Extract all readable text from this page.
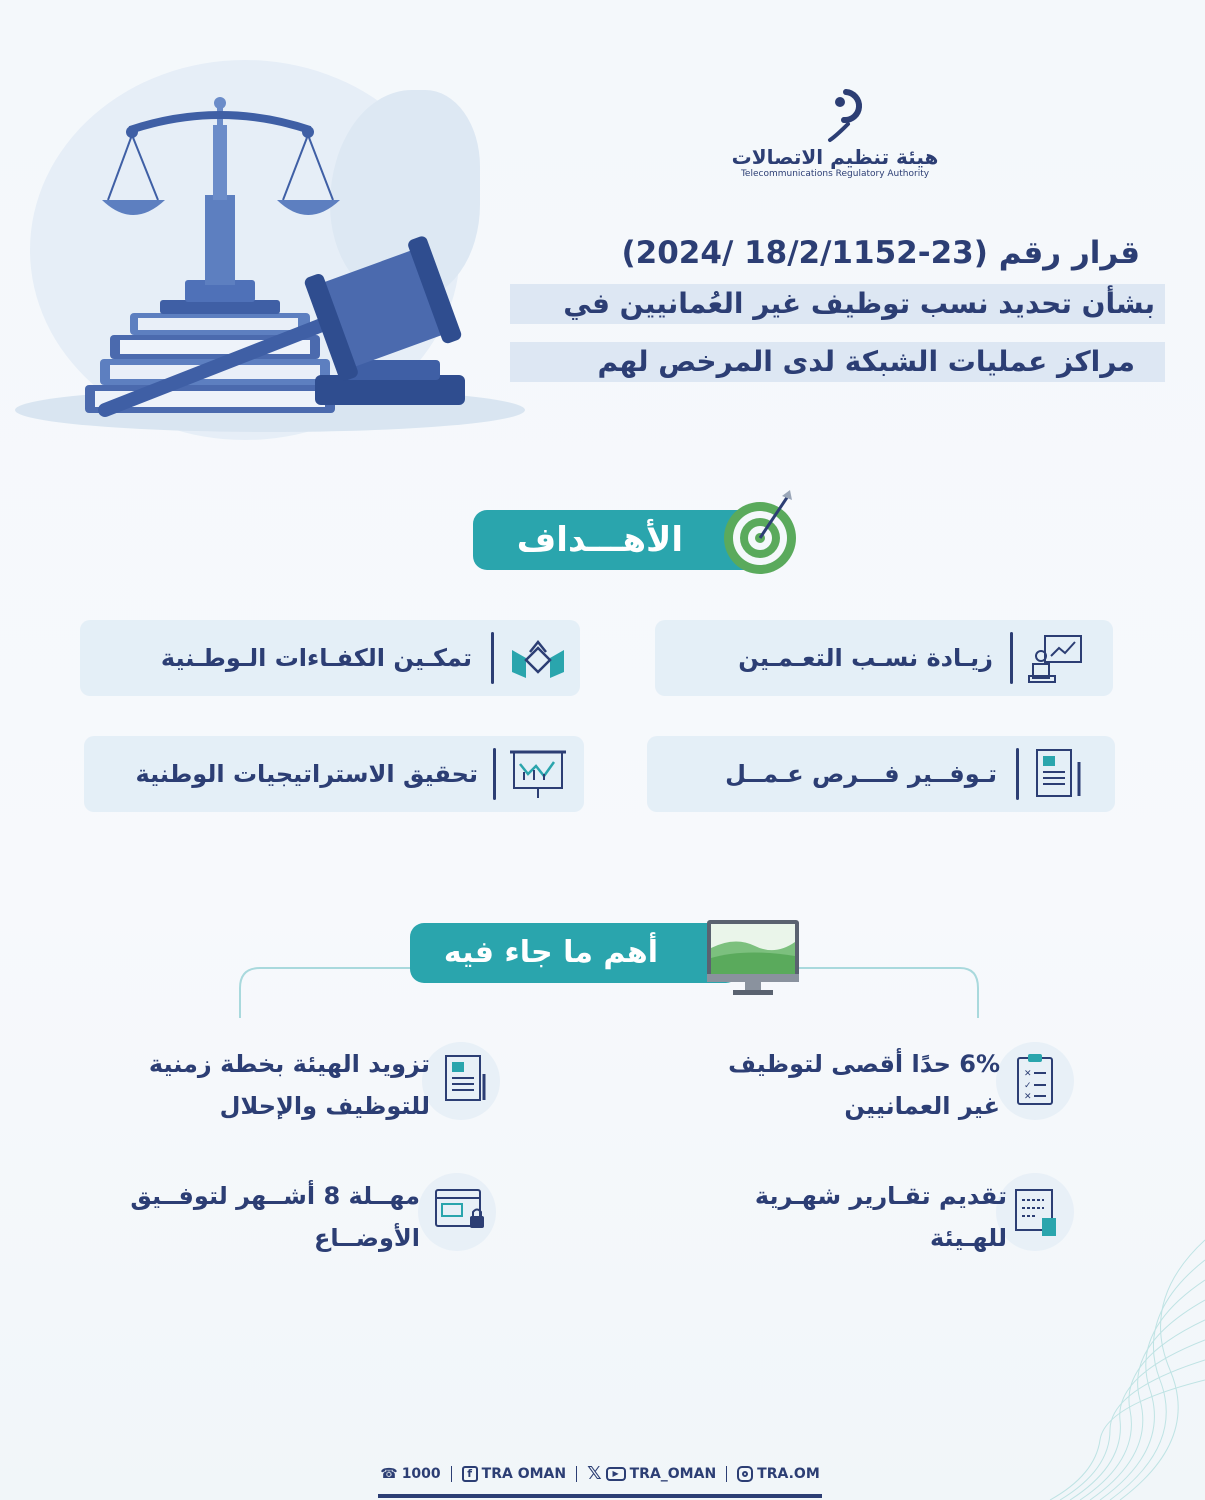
هيئة تنظيم الاتصالات
Telecommunications Regulatory Authority
قرار رقم (23-18/2/1152 /2024)
بشأن تحديد نسب توظيف غير العُمانيين في
مراكز عمليات الشبكة لدى المرخص لهم
الأهـــداف
زيـادة نسـب التعـمـين
تمكـين الكفـاءات الـوطـنية
تـوفــير فـــرص عـمــل
تحقيق الاستراتيجيات الوطنية
أهم ما جاء فيه
✕
✓
✕
6% حدًا أقصى لتوظيف
غير العمانيين
تزويد الهيئة بخطة زمنية
للتوظيف والإحلال
تقديم تقـارير شهـرية
للهـيئة
مهــلة 8 أشــهر لتوفــيق
الأوضــاع
☎ 1000	f TRA OMAN 𝕏	▶ TRA_OMAN	TRA.OM
